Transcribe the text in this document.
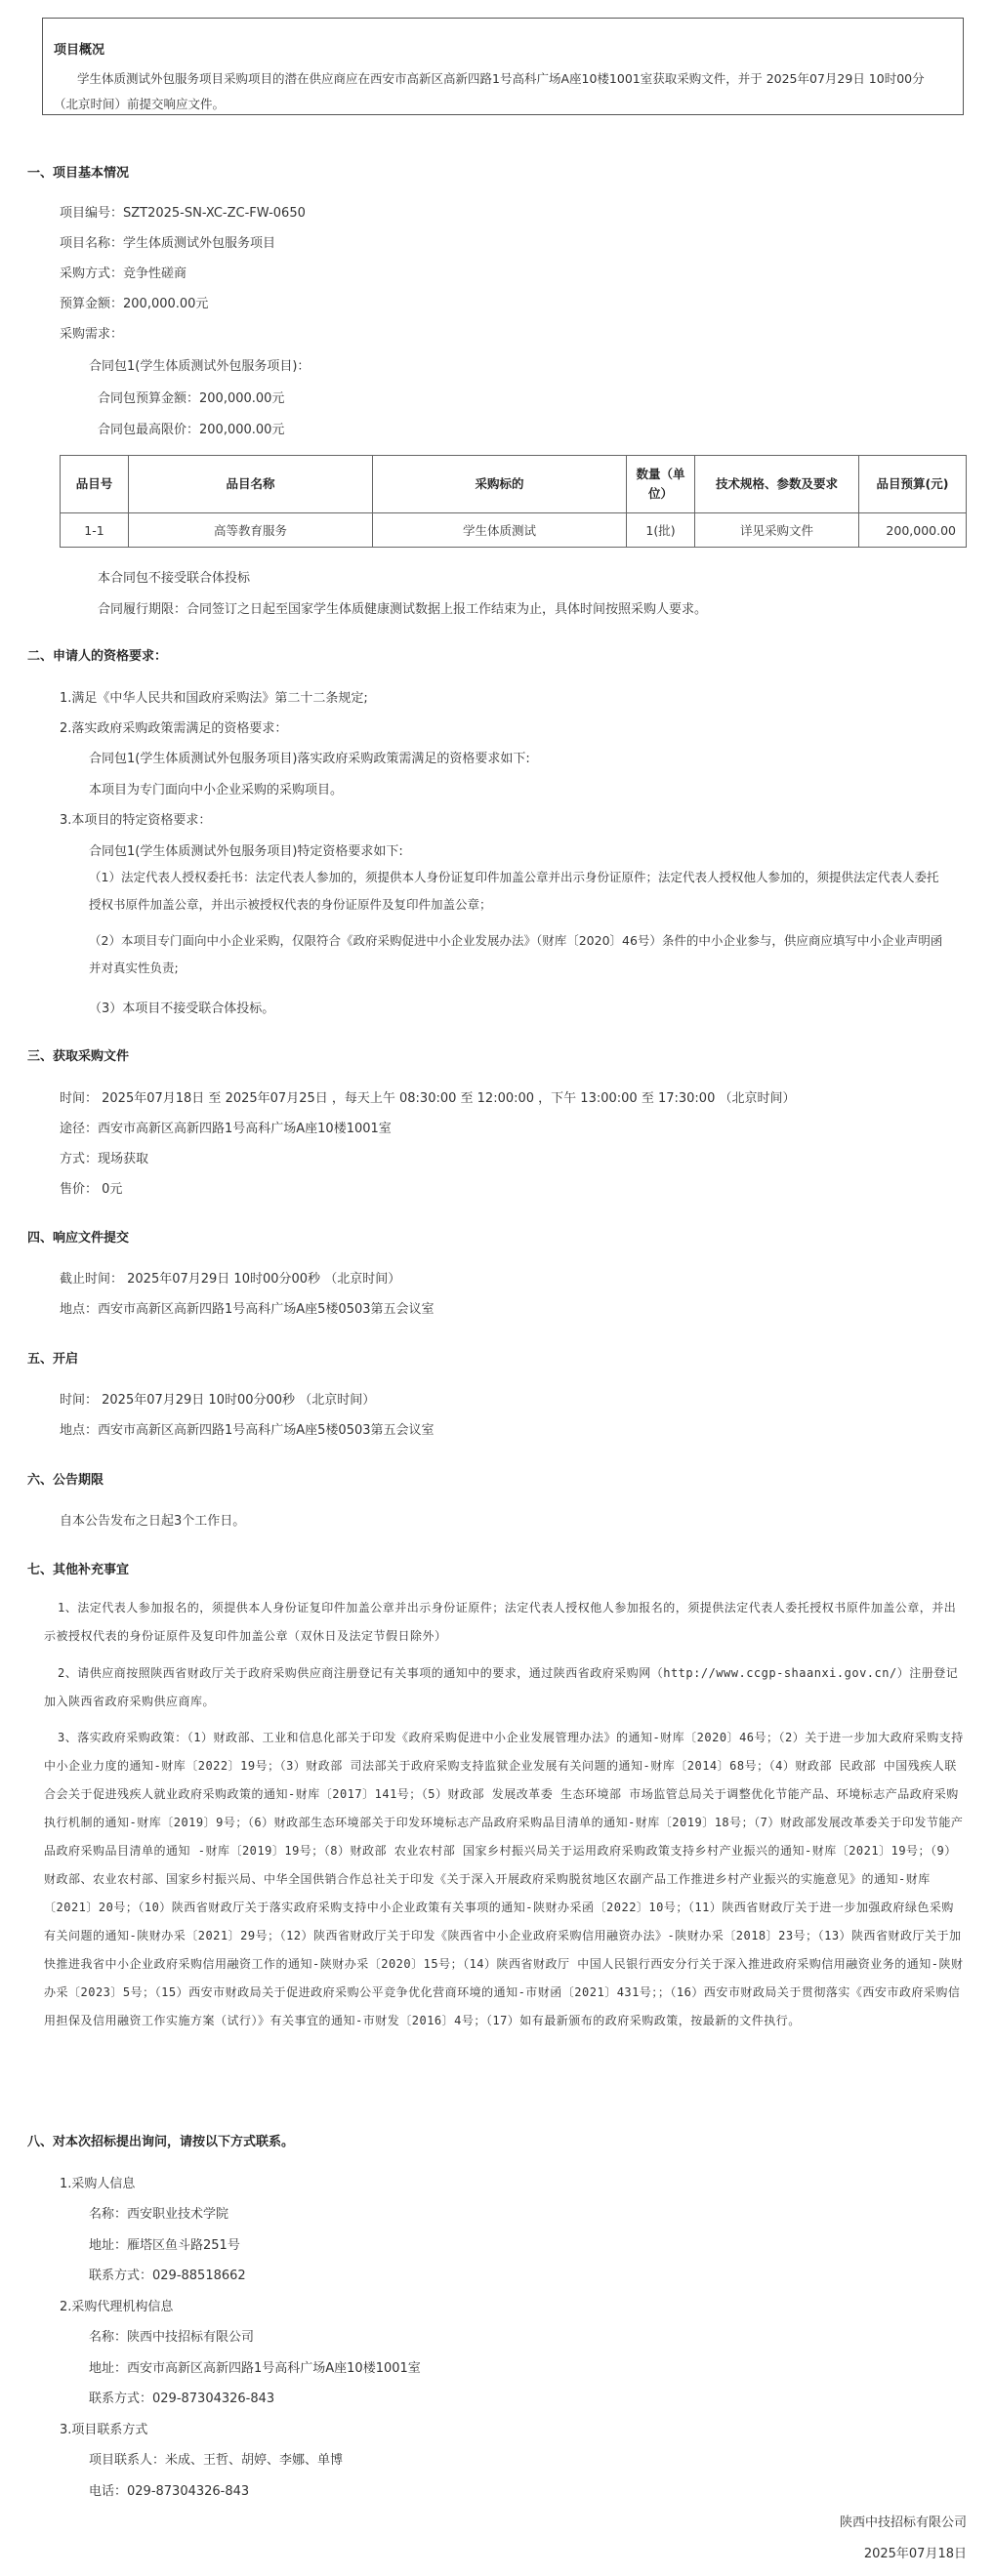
项目概况
学生体质测试外包服务项目采购项目的潜在供应商应在西安市高新区高新四路1号高科广场A座10楼1001室获取采购文件，并于 2025年07月29日 10时00分 （北京时间）前提交响应文件。
一、项目基本情况
项目编号：SZT2025-SN-XC-ZC-FW-0650
项目名称：学生体质测试外包服务项目
采购方式：竞争性磋商
预算金额：200,000.00元
采购需求：
合同包1(学生体质测试外包服务项目)：
合同包预算金额：200,000.00元
合同包最高限价：200,000.00元
品目号	品目名称	采购标的	数量（单位）	技术规格、参数及要求	品目预算(元)
1-1	高等教育服务	学生体质测试	1(批)	详见采购文件	200,000.00
本合同包不接受联合体投标
合同履行期限：合同签订之日起至国家学生体质健康测试数据上报工作结束为止，具体时间按照采购人要求。
二、申请人的资格要求：
1.满足《中华人民共和国政府采购法》第二十二条规定;
2.落实政府采购政策需满足的资格要求：
合同包1(学生体质测试外包服务项目)落实政府采购政策需满足的资格要求如下:
本项目为专门面向中小企业采购的采购项目。
3.本项目的特定资格要求：
合同包1(学生体质测试外包服务项目)特定资格要求如下:
（1）法定代表人授权委托书：法定代表人参加的，须提供本人身份证复印件加盖公章并出示身份证原件；法定代表人授权他人参加的，须提供法定代表人委托授权书原件加盖公章，并出示被授权代表的身份证原件及复印件加盖公章；
（2）本项目专门面向中小企业采购，仅限符合《政府采购促进中小企业发展办法》（财库〔2020〕46号）条件的中小企业参与，供应商应填写中小企业声明函并对真实性负责;
（3）本项目不接受联合体投标。
三、获取采购文件
时间： 2025年07月18日 至 2025年07月25日 ，每天上午 08:30:00 至 12:00:00 ，下午 13:00:00 至 17:30:00 （北京时间）
途径：西安市高新区高新四路1号高科广场A座10楼1001室
方式：现场获取
售价： 0元
四、响应文件提交
截止时间： 2025年07月29日 10时00分00秒 （北京时间）
地点：西安市高新区高新四路1号高科广场A座5楼0503第五会议室
五、开启
时间： 2025年07月29日 10时00分00秒 （北京时间）
地点：西安市高新区高新四路1号高科广场A座5楼0503第五会议室
六、公告期限
自本公告发布之日起3个工作日。
七、其他补充事宜
1、法定代表人参加报名的，须提供本人身份证复印件加盖公章并出示身份证原件；法定代表人授权他人参加报名的，须提供法定代表人委托授权书原件加盖公章，并出示被授权代表的身份证原件及复印件加盖公章（双休日及法定节假日除外）
2、请供应商按照陕西省财政厅关于政府采购供应商注册登记有关事项的通知中的要求，通过陕西省政府采购网（http://www.ccgp-shaanxi.gov.cn/）注册登记加入陕西省政府采购供应商库。
3、落实政府采购政策：（1）财政部、工业和信息化部关于印发《政府采购促进中小企业发展管理办法》的通知-财库〔2020〕46号；（2）关于进一步加大政府采购支持中小企业力度的通知-财库〔2022〕19号；（3）财政部 司法部关于政府采购支持监狱企业发展有关问题的通知-财库〔2014〕68号；（4）财政部 民政部 中国残疾人联合会关于促进残疾人就业政府采购政策的通知-财库〔2017〕141号；（5）财政部 发展改革委 生态环境部 市场监管总局关于调整优化节能产品、环境标志产品政府采购执行机制的通知-财库〔2019〕9号；（6）财政部生态环境部关于印发环境标志产品政府采购品目清单的通知-财库〔2019〕18号；（7）财政部发展改革委关于印发节能产品政府采购品目清单的通知 -财库〔2019〕19号；（8）财政部 农业农村部 国家乡村振兴局关于运用政府采购政策支持乡村产业振兴的通知-财库〔2021〕19号；（9）财政部、农业农村部、国家乡村振兴局、中华全国供销合作总社关于印发《关于深入开展政府采购脱贫地区农副产品工作推进乡村产业振兴的实施意见》的通知-财库〔2021〕20号；（10）陕西省财政厅关于落实政府采购支持中小企业政策有关事项的通知-陕财办采函〔2022〕10号；（11）陕西省财政厅关于进一步加强政府绿色采购有关问题的通知-陕财办采〔2021〕29号；（12）陕西省财政厅关于印发《陕西省中小企业政府采购信用融资办法》-陕财办采〔2018〕23号；（13）陕西省财政厅关于加快推进我省中小企业政府采购信用融资工作的通知-陕财办采〔2020〕15号；（14）陕西省财政厅 中国人民银行西安分行关于深入推进政府采购信用融资业务的通知-陕财办采〔2023〕5号；（15）西安市财政局关于促进政府采购公平竞争优化营商环境的通知-市财函〔2021〕431号；；（16）西安市财政局关于贯彻落实《西安市政府采购信用担保及信用融资工作实施方案（试行）》有关事宜的通知-市财发〔2016〕4号；（17）如有最新颁布的政府采购政策，按最新的文件执行。
八、对本次招标提出询问，请按以下方式联系。
1.采购人信息
名称：西安职业技术学院
地址：雁塔区鱼斗路251号
联系方式：029-88518662
2.采购代理机构信息
名称：陕西中技招标有限公司
地址：西安市高新区高新四路1号高科广场A座10楼1001室
联系方式：029-87304326-843
3.项目联系方式
项目联系人：米成、王哲、胡婷、李娜、单博
电话：029-87304326-843
陕西中技招标有限公司
2025年07月18日
